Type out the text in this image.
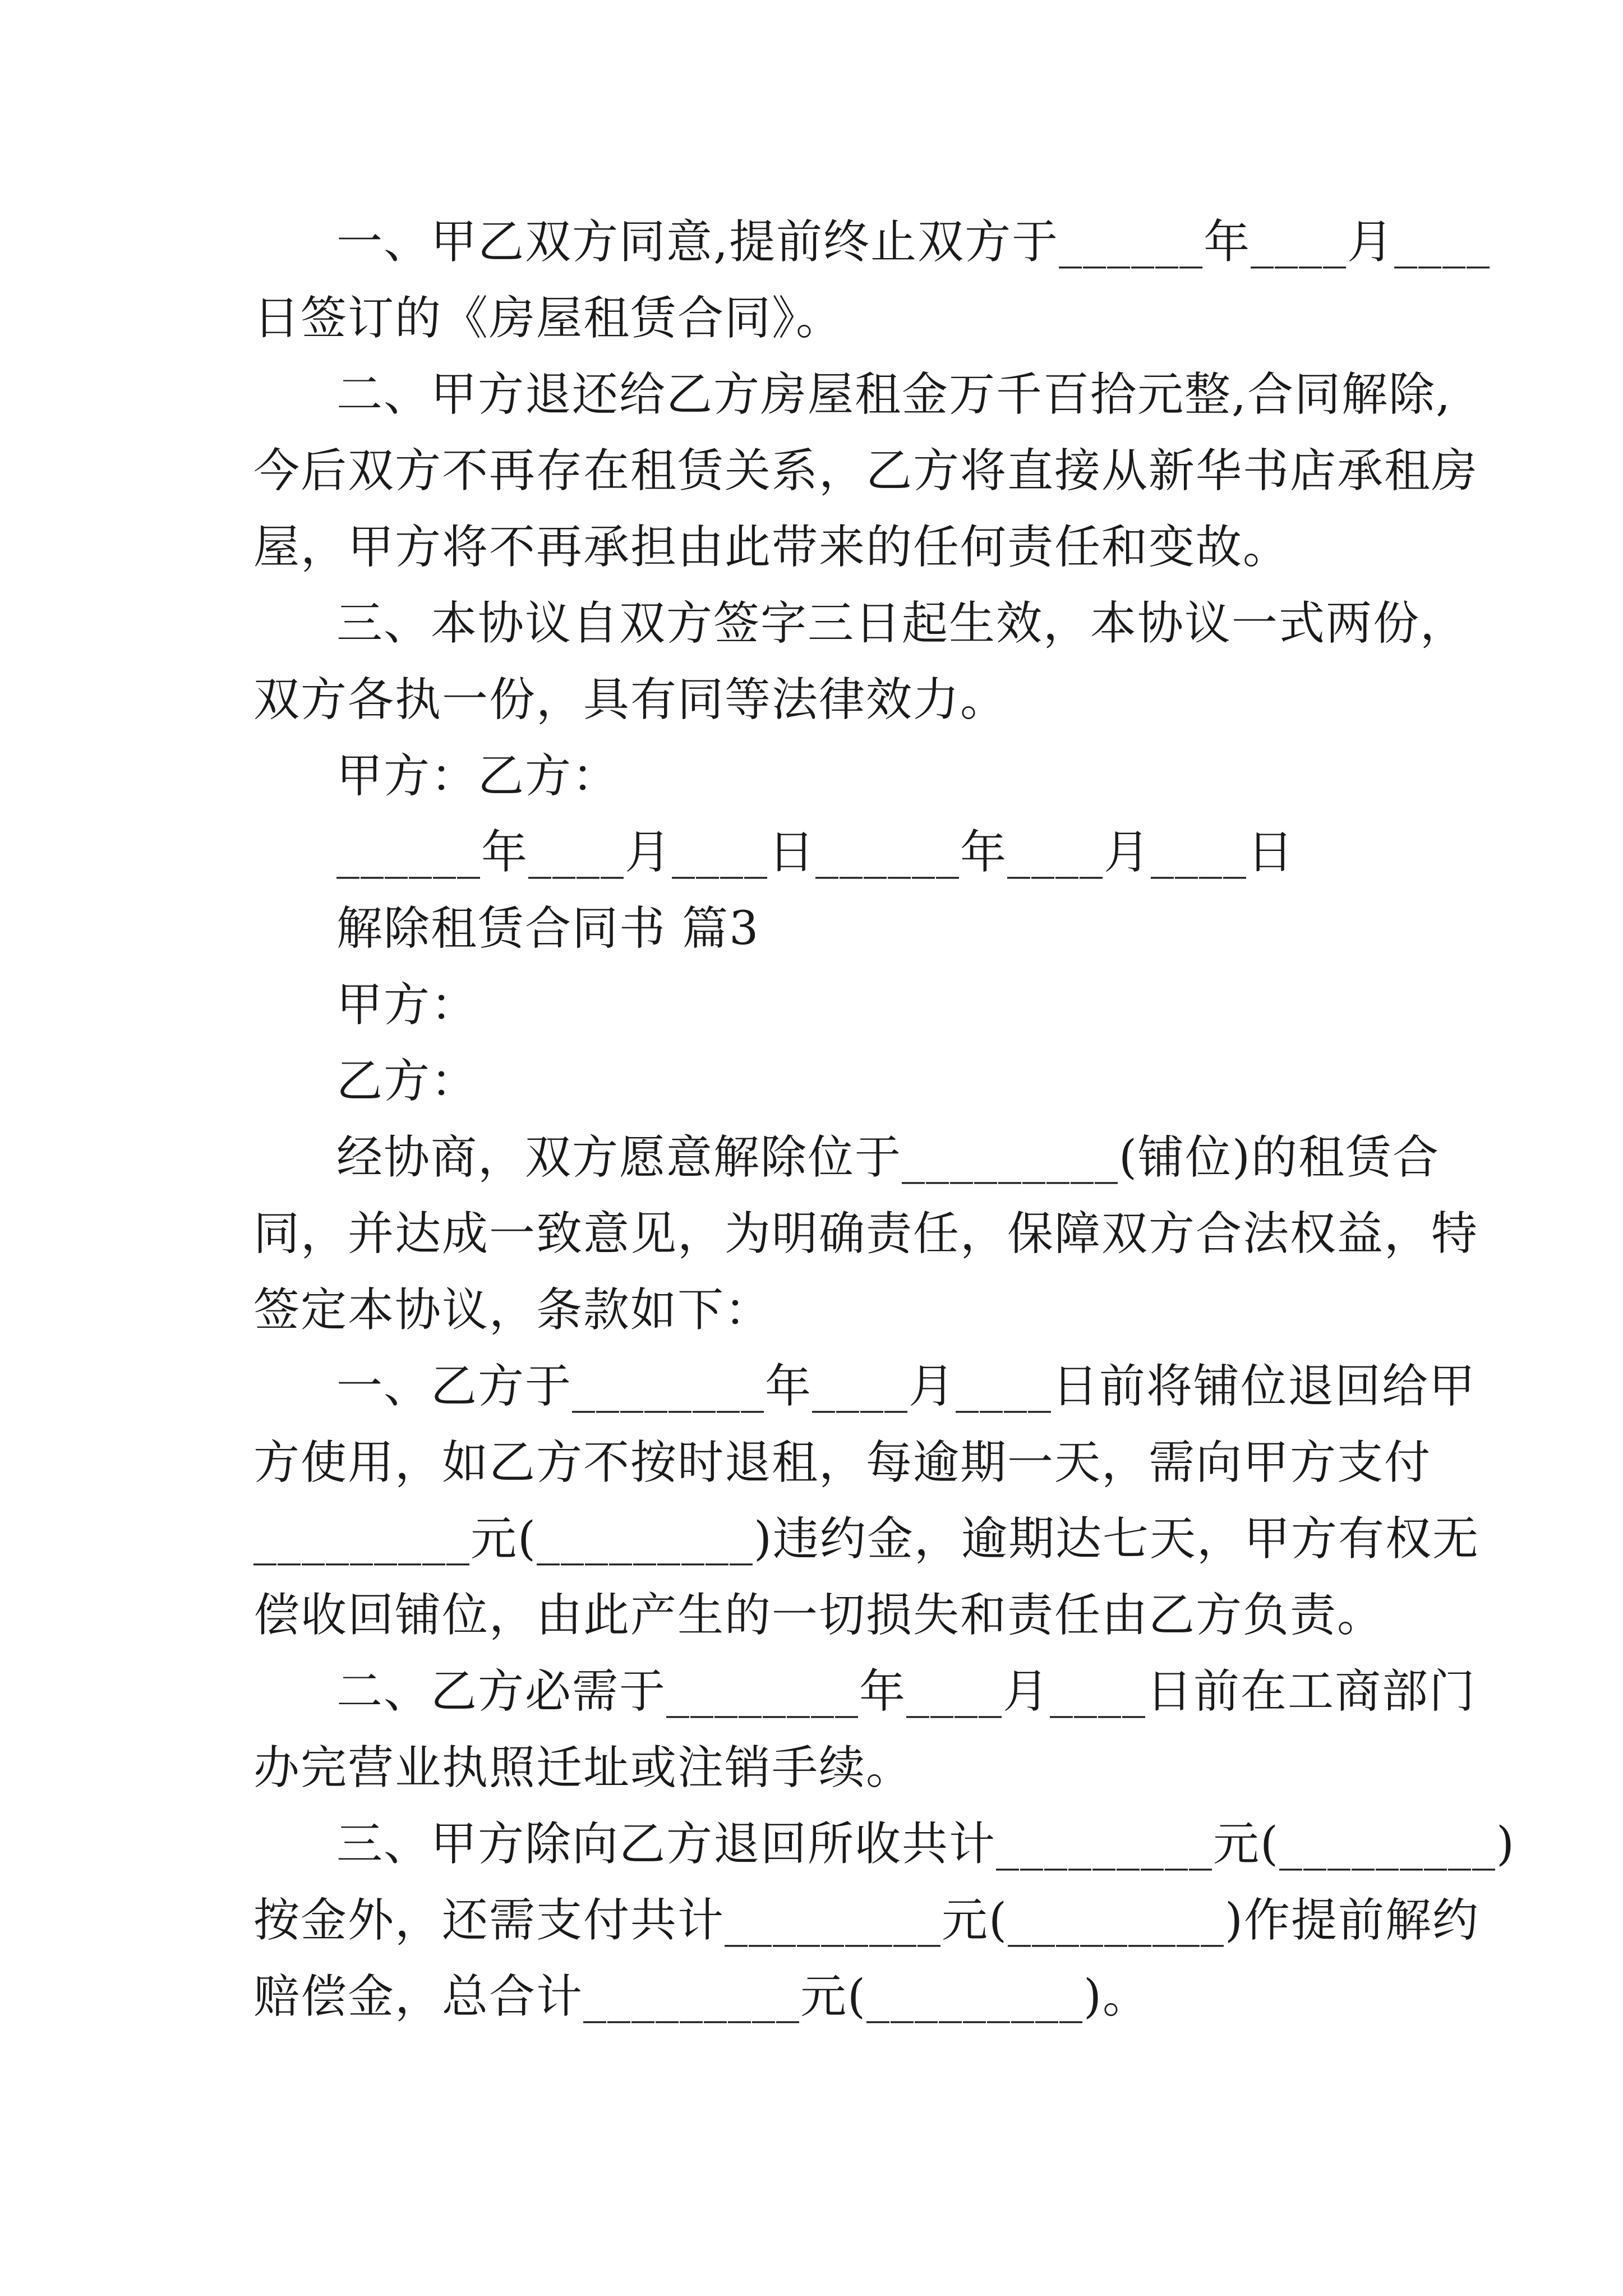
一、甲乙双方同意,提前终止双方于______年____月____
日签订的《房屋租赁合同》。
二、甲方退还给乙方房屋租金万千百拾元整,合同解除,
今后双方不再存在租赁关系，乙方将直接从新华书店承租房
屋，甲方将不再承担由此带来的任何责任和变故。
三、本协议自双方签字三日起生效，本协议一式两份，
双方各执一份，具有同等法律效力。
甲方：乙方：
______年____月____日______年____月____日
解除租赁合同书 篇3
甲方：
乙方：
经协商，双方愿意解除位于_________(铺位)的租赁合
同，并达成一致意见，为明确责任，保障双方合法权益，特
签定本协议，条款如下：
一、乙方于________年____月____日前将铺位退回给甲
方使用，如乙方不按时退租，每逾期一天，需向甲方支付
_________元(_________)违约金，逾期达七天，甲方有权无
偿收回铺位，由此产生的一切损失和责任由乙方负责。
二、乙方必需于________年____月____日前在工商部门
办完营业执照迁址或注销手续。
三、甲方除向乙方退回所收共计_________元(_________)
按金外，还需支付共计_________元(_________)作提前解约
赔偿金，总合计_________元(_________)。
